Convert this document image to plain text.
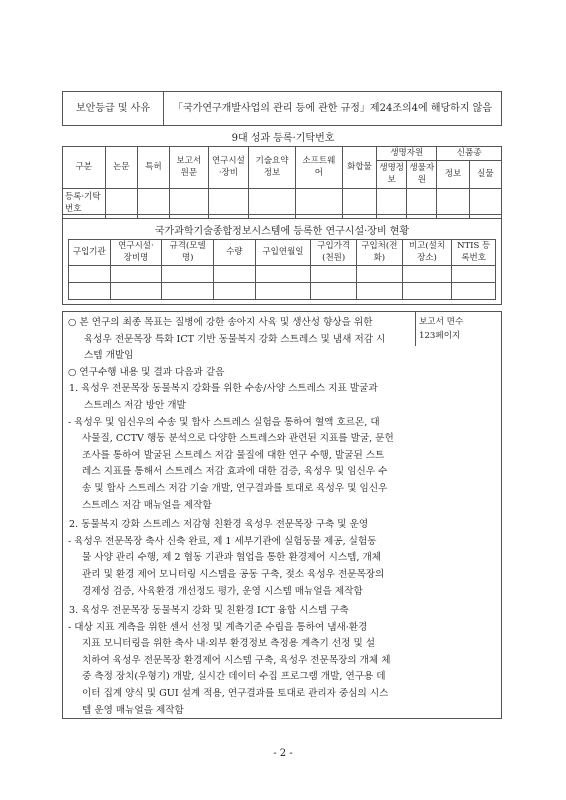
보안등급 및 사유	「국가연구개발사업의 관리 등에 관한 규정」제24조의4에 해당하지 않음
9대 성과 등록·기탁번호
구분	논문	특허	보고서 원문	연구시설·장비	기술요약 정보	소프트웨어	화합물	생명자원		신품종	
								생명정보	생물자원	정보	실물
등록·기탁 번호											
국가과학기술종합정보시스템에 등록한 연구시설·장비 현황
구입기관	연구시설·장비명	규격(모델명)	수량	구입연월일	구입가격(천원)	구입처(전화)	비고(설치장소)	NTIS 등록번호

보고서 면수
123페이지
○ 본 연구의 최종 목표는 질병에 강한 송아지 사육 및 생산성 향상을 위한
육성우 전문목장 특화 ICT 기반 동물복지 강화 스트레스 및 냄새 저감 시
스템 개발임
○ 연구수행 내용 및 결과 다음과 같음
1. 육성우 전문목장 동물복지 강화를 위한 수송/사양 스트레스 지표 발굴과
스트레스 저감 방안 개발
- 육성우 및 임신우의 수송 및 합사 스트레스 실험을 통하여 혈액 호르몬, 대
사물질, CCTV 행동 분석으로 다양한 스트레스와 관련된 지표를 발굴, 문헌
조사를 통하여 발굴된 스트레스 저감 물질에 대한 연구 수행, 발굴된 스트
레스 지표를 통해서 스트레스 저감 효과에 대한 검증, 육성우 및 임신우 수
송 및 합사 스트레스 저감 기술 개발, 연구결과를 토대로 육성우 및 임신우
스트레스 저감 매뉴얼을 제작함
2. 동물복지 강화 스트레스 저감형 친환경 육성우 전문목장 구축 및 운영
- 육성우 전문목장 축사 신축 완료, 제 1 세부기관에 실험동물 제공, 실험동
물 사양 관리 수행, 제 2 협동 기관과 협업을 통한 환경제어 시스템, 개체
관리 및 환경 제어 모니터링 시스템을 공동 구축, 젖소 육성우 전문목장의
경제성 검증, 사육환경 개선정도 평가, 운영 시스템 매뉴얼을 제작함
3. 육성우 전문목장 동물복지 강화 및 친환경 ICT 융합 시스템 구축
- 대상 지표 계측을 위한 센서 선정 및 계측기준 수립을 통하여 냄새·환경
지표 모니터링을 위한 축사 내·외부 환경정보 측정용 계측기 선정 및 설
치하여 육성우 전문목장 환경제어 시스템 구축, 육성우 전문목장의 개체 체
중 측정 장치(우형기) 개발, 실시간 데이터 수집 프로그램 개발, 연구용 데
이터 집계 양식 및 GUI 설계 적용, 연구결과를 토대로 관리자 중심의 시스
템 운영 매뉴얼을 제작함
- 2 -
